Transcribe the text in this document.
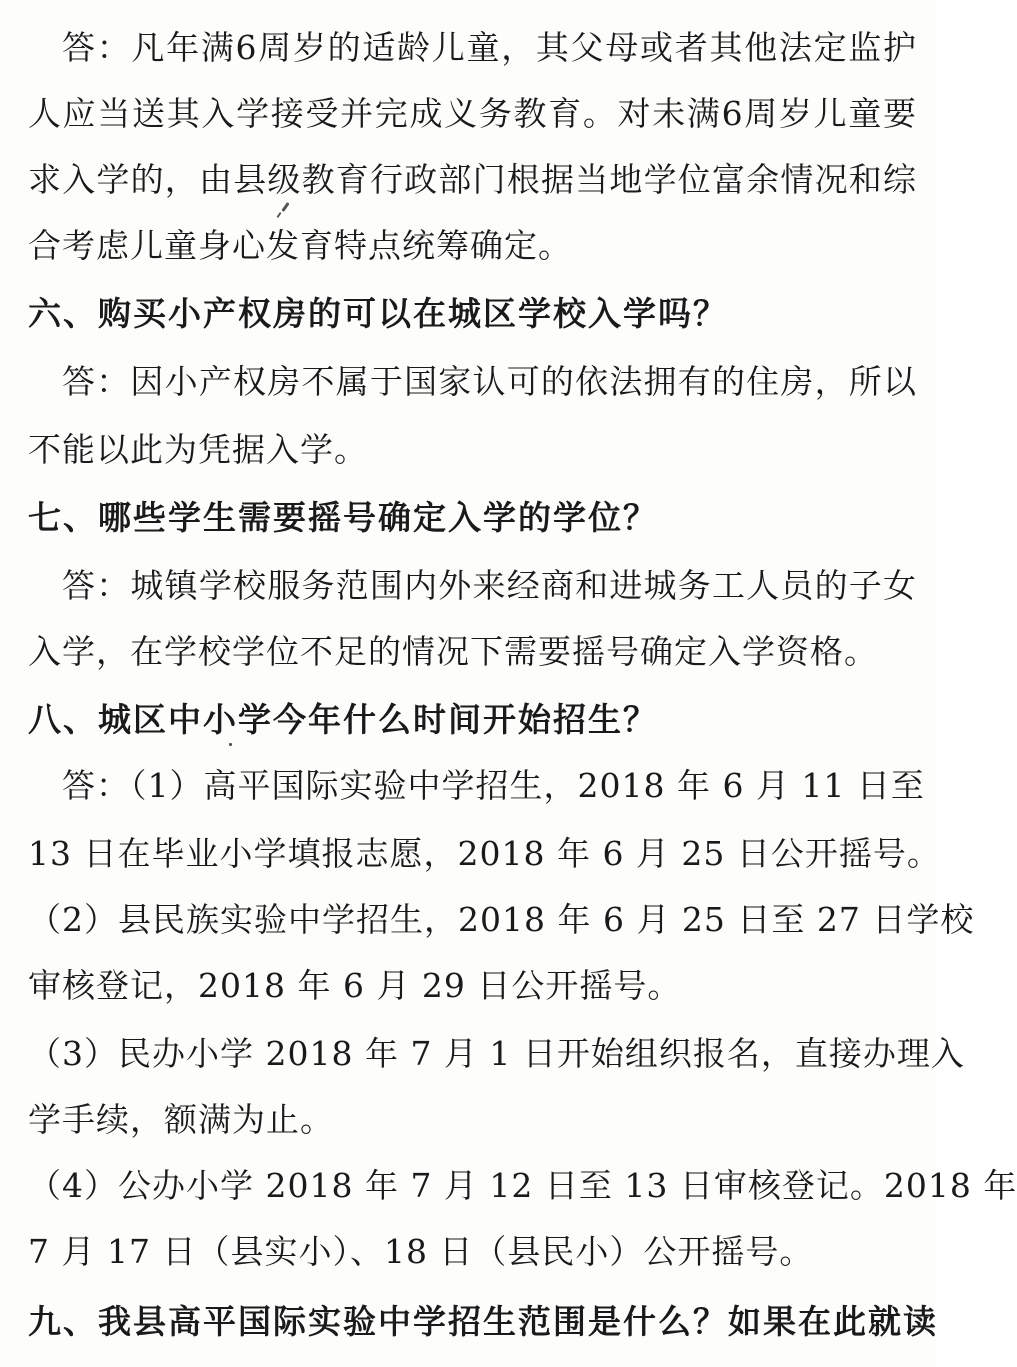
答：凡年满6周岁的适龄儿童，其父母或者其他法定监护
人应当送其入学接受并完成义务教育。对未满6周岁儿童要
求入学的，由县级教育行政部门根据当地学位富余情况和综
合考虑儿童身心发育特点统筹确定。
六、购买小产权房的可以在城区学校入学吗？
答：因小产权房不属于国家认可的依法拥有的住房，所以
不能以此为凭据入学。
七、哪些学生需要摇号确定入学的学位？
答：城镇学校服务范围内外来经商和进城务工人员的子女
入学，在学校学位不足的情况下需要摇号确定入学资格。
八、城区中小学今年什么时间开始招生？
答：（1）高平国际实验中学招生，2018 年 6 月 11 日至
13 日在毕业小学填报志愿，2018 年 6 月 25 日公开摇号。
（2）县民族实验中学招生，2018 年 6 月 25 日至 27 日学校
审核登记，2018 年 6 月 29 日公开摇号。
（3）民办小学 2018 年 7 月 1 日开始组织报名，直接办理入
学手续，额满为止。
（4）公办小学 2018 年 7 月 12 日至 13 日审核登记。2018 年
7 月 17 日（县实小）、18 日（县民小）公开摇号。
九、我县高平国际实验中学招生范围是什么？如果在此就读
